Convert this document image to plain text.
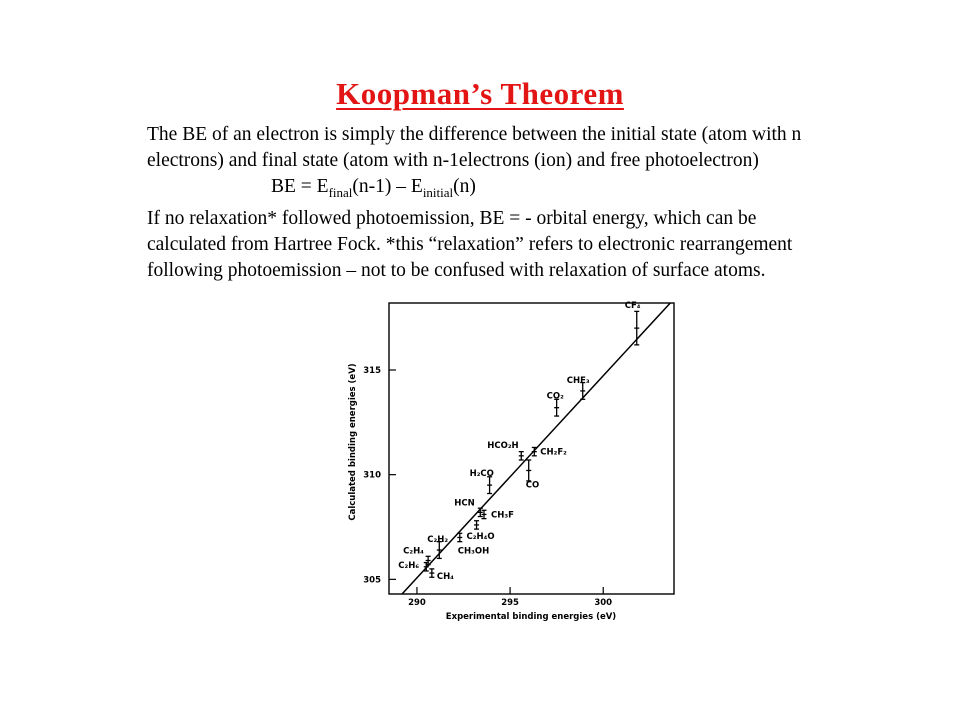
Koopman’s Theorem

The BE of an electron is simply the difference between the initial state (atom with n electrons) and final state (atom with n-1electrons (ion) and free photoelectron)

BE = $E_{final}(n-1) - E_{initial}(n)$

If no relaxation* followed photoemission, BE = - orbital energy, which can be calculated from Hartree Fock. *this “relaxation” refers to electronic rearrangement following photoemission – not to be confused with relaxation of surface atoms.

290	295	300
305
310
315
CF₄
CHF₃
CO₂
HCO₂H
CH₂F₂
CO
H₂CO
HCN
CH₃F
C₂H₄O
CH₃OH
C₂H₂
C₂H₄
C₂H₆
CH₄
Experimental binding energies (eV)
Calculated binding energies (eV)
